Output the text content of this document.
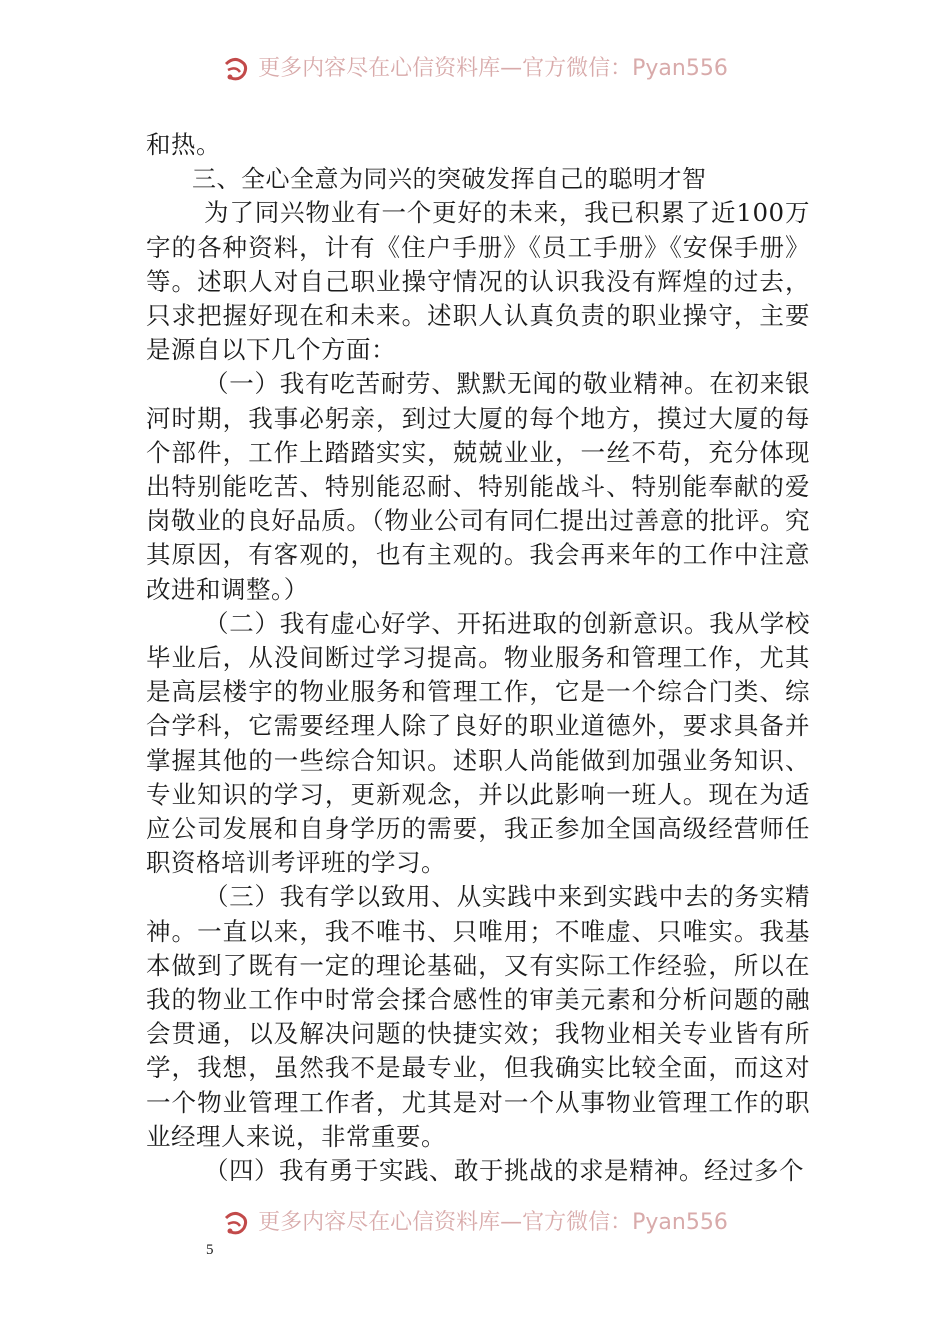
更多内容尽在心信资料库—官方微信：Pyan556

和热。

三、全心全意为同兴的突破发挥自己的聪明才智

为了同兴物业有一个更好的未来，我已积累了近100万字的各种资料，计有《住户手册》《员工手册》《安保手册》等。述职人对自己职业操守情况的认识我没有辉煌的过去，只求把握好现在和未来。述职人认真负责的职业操守，主要是源自以下几个方面：

（一）我有吃苦耐劳、默默无闻的敬业精神。在初来银河时期，我事必躬亲，到过大厦的每个地方，摸过大厦的每个部件，工作上踏踏实实，兢兢业业，一丝不苟，充分体现出特别能吃苦、特别能忍耐、特别能战斗、特别能奉献的爱岗敬业的良好品质。（物业公司有同仁提出过善意的批评。究其原因，有客观的，也有主观的。我会再来年的工作中注意改进和调整。）

（二）我有虚心好学、开拓进取的创新意识。我从学校毕业后，从没间断过学习提高。物业服务和管理工作，尤其是高层楼宇的物业服务和管理工作，它是一个综合门类、综合学科，它需要经理人除了良好的职业道德外，要求具备并掌握其他的一些综合知识。述职人尚能做到加强业务知识、专业知识的学习，更新观念，并以此影响一班人。现在为适应公司发展和自身学历的需要，我正参加全国高级经营师任职资格培训考评班的学习。

（三）我有学以致用、从实践中来到实践中去的务实精神。一直以来，我不唯书、只唯用；不唯虚、只唯实。我基本做到了既有一定的理论基础，又有实际工作经验，所以在我的物业工作中时常会揉合感性的审美元素和分析问题的融会贯通，以及解决问题的快捷实效；我物业相关专业皆有所学，我想，虽然我不是最专业，但我确实比较全面，而这对一个物业管理工作者，尤其是对一个从事物业管理工作的职业经理人来说，非常重要。

（四）我有勇于实践、敢于挑战的求是精神。经过多个

更多内容尽在心信资料库—官方微信：Pyan556
5
